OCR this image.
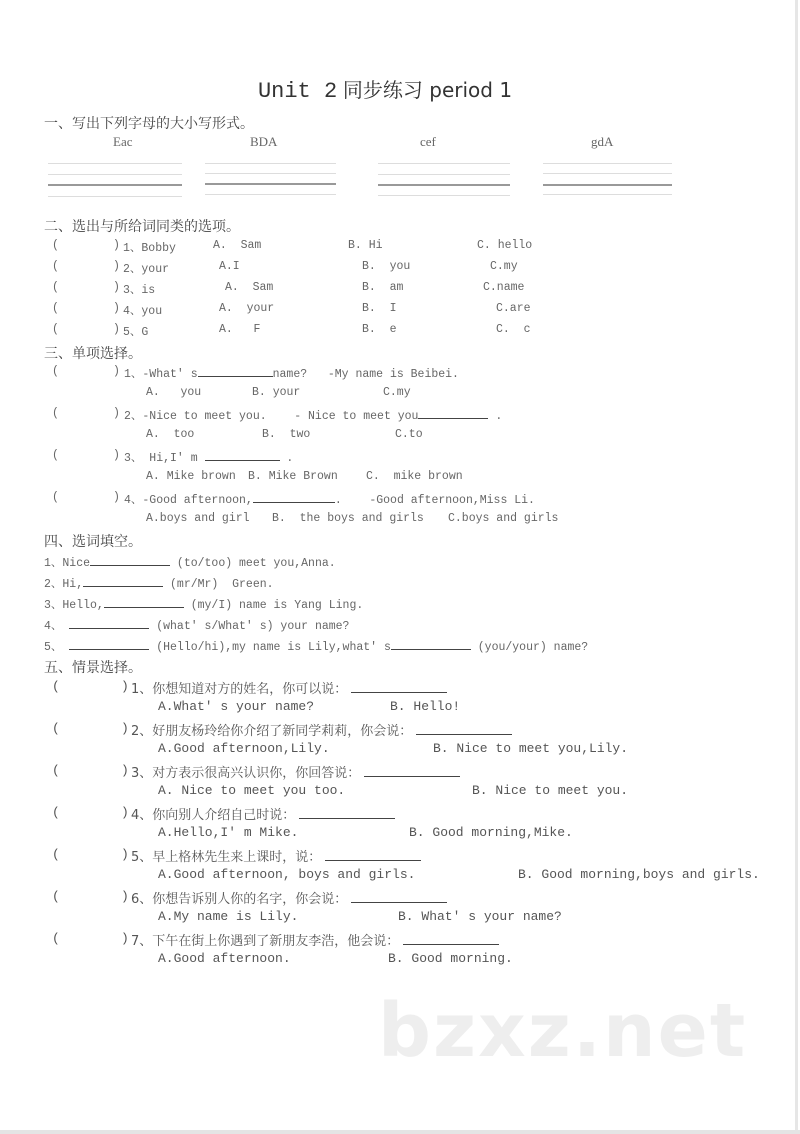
Unit 2 同步练习 period 1
一、写出下列字母的大小写形式。
Eac	BDA	cef	gdA
二、选出与所给词同类的选项。
(	) 1、Bobby	A.  Sam	B. Hi	C. hello
(	) 2、your	A.I	B.  you	C.my
(	) 3、is	A.  Sam	B.  am	C.name
(	) 4、you	A.  your	B.  I	C.are
(	) 5、G	A.   F	B.  e	C.  c
三、单项选择。
(	) 1、-What' s	name?   -My name is Beibei.
A.   you	B. your	C.my
(	) 2、-Nice to meet you.    - Nice to meet you	.
A.  too	B.  two	C.to
(	) 3、 Hi,I' m	.
A. Mike brown B. Mike Brown C.  mike brown
(	) 4、-Good afternoon,	.    -Good afternoon,Miss Li.
A.boys and girl B.  the boys and girls C.boys and girls
四、选词填空。
1、Nice	(to/too) meet you,Anna.
2、Hi,	(mr/Mr)  Green.
3、Hello,	(my/I) name is Yang Ling.
4、	(what' s/What' s) your name?
5、	(Hello/hi),my name is Lily,what' s	(you/your) name?
五、情景选择。
(	) 1、你想知道对方的姓名，你可以说：
A.What' s your name?	B. Hello!
(	) 2、好朋友杨玲给你介绍了新同学莉莉，你会说：
A.Good afternoon,Lily.	B. Nice to meet you,Lily.
(	) 3、对方表示很高兴认识你，你回答说：
A. Nice to meet you too.	B. Nice to meet you.
(	) 4、你向别人介绍自己时说：
A.Hello,I' m Mike.	B. Good morning,Mike.
(	) 5、早上格林先生来上课时，说：
A.Good afternoon, boys and girls.	B. Good morning,boys and girls.
(	) 6、你想告诉别人你的名字，你会说：
A.My name is Lily.	B. What' s your name?
(	) 7、下午在街上你遇到了新朋友李浩，他会说：
A.Good afternoon.	B. Good morning.
bzxz.net
